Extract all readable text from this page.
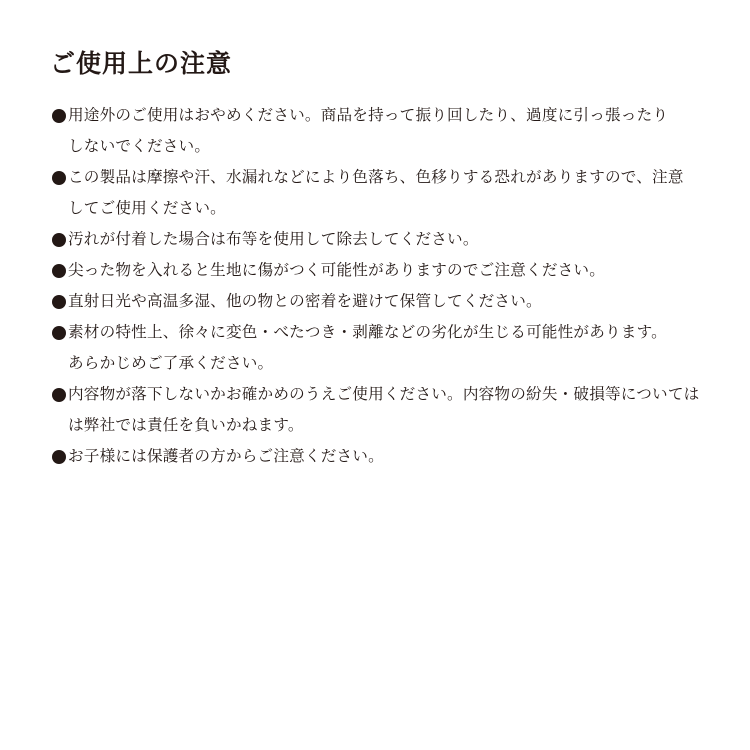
ご使用上の注意
用途外のご使用はおやめください。商品を持って振り回したり、過度に引っ張ったり
しないでください。
この製品は摩擦や汗、水漏れなどにより色落ち、色移りする恐れがありますので、注意
してご使用ください。
汚れが付着した場合は布等を使用して除去してください。
尖った物を入れると生地に傷がつく可能性がありますのでご注意ください。
直射日光や高温多湿、他の物との密着を避けて保管してください。
素材の特性上、徐々に変色・べたつき・剥離などの劣化が生じる可能性があります。
あらかじめご了承ください。
内容物が落下しないかお確かめのうえご使用ください。内容物の紛失・破損等については
は弊社では責任を負いかねます。
お子様には保護者の方からご注意ください。
